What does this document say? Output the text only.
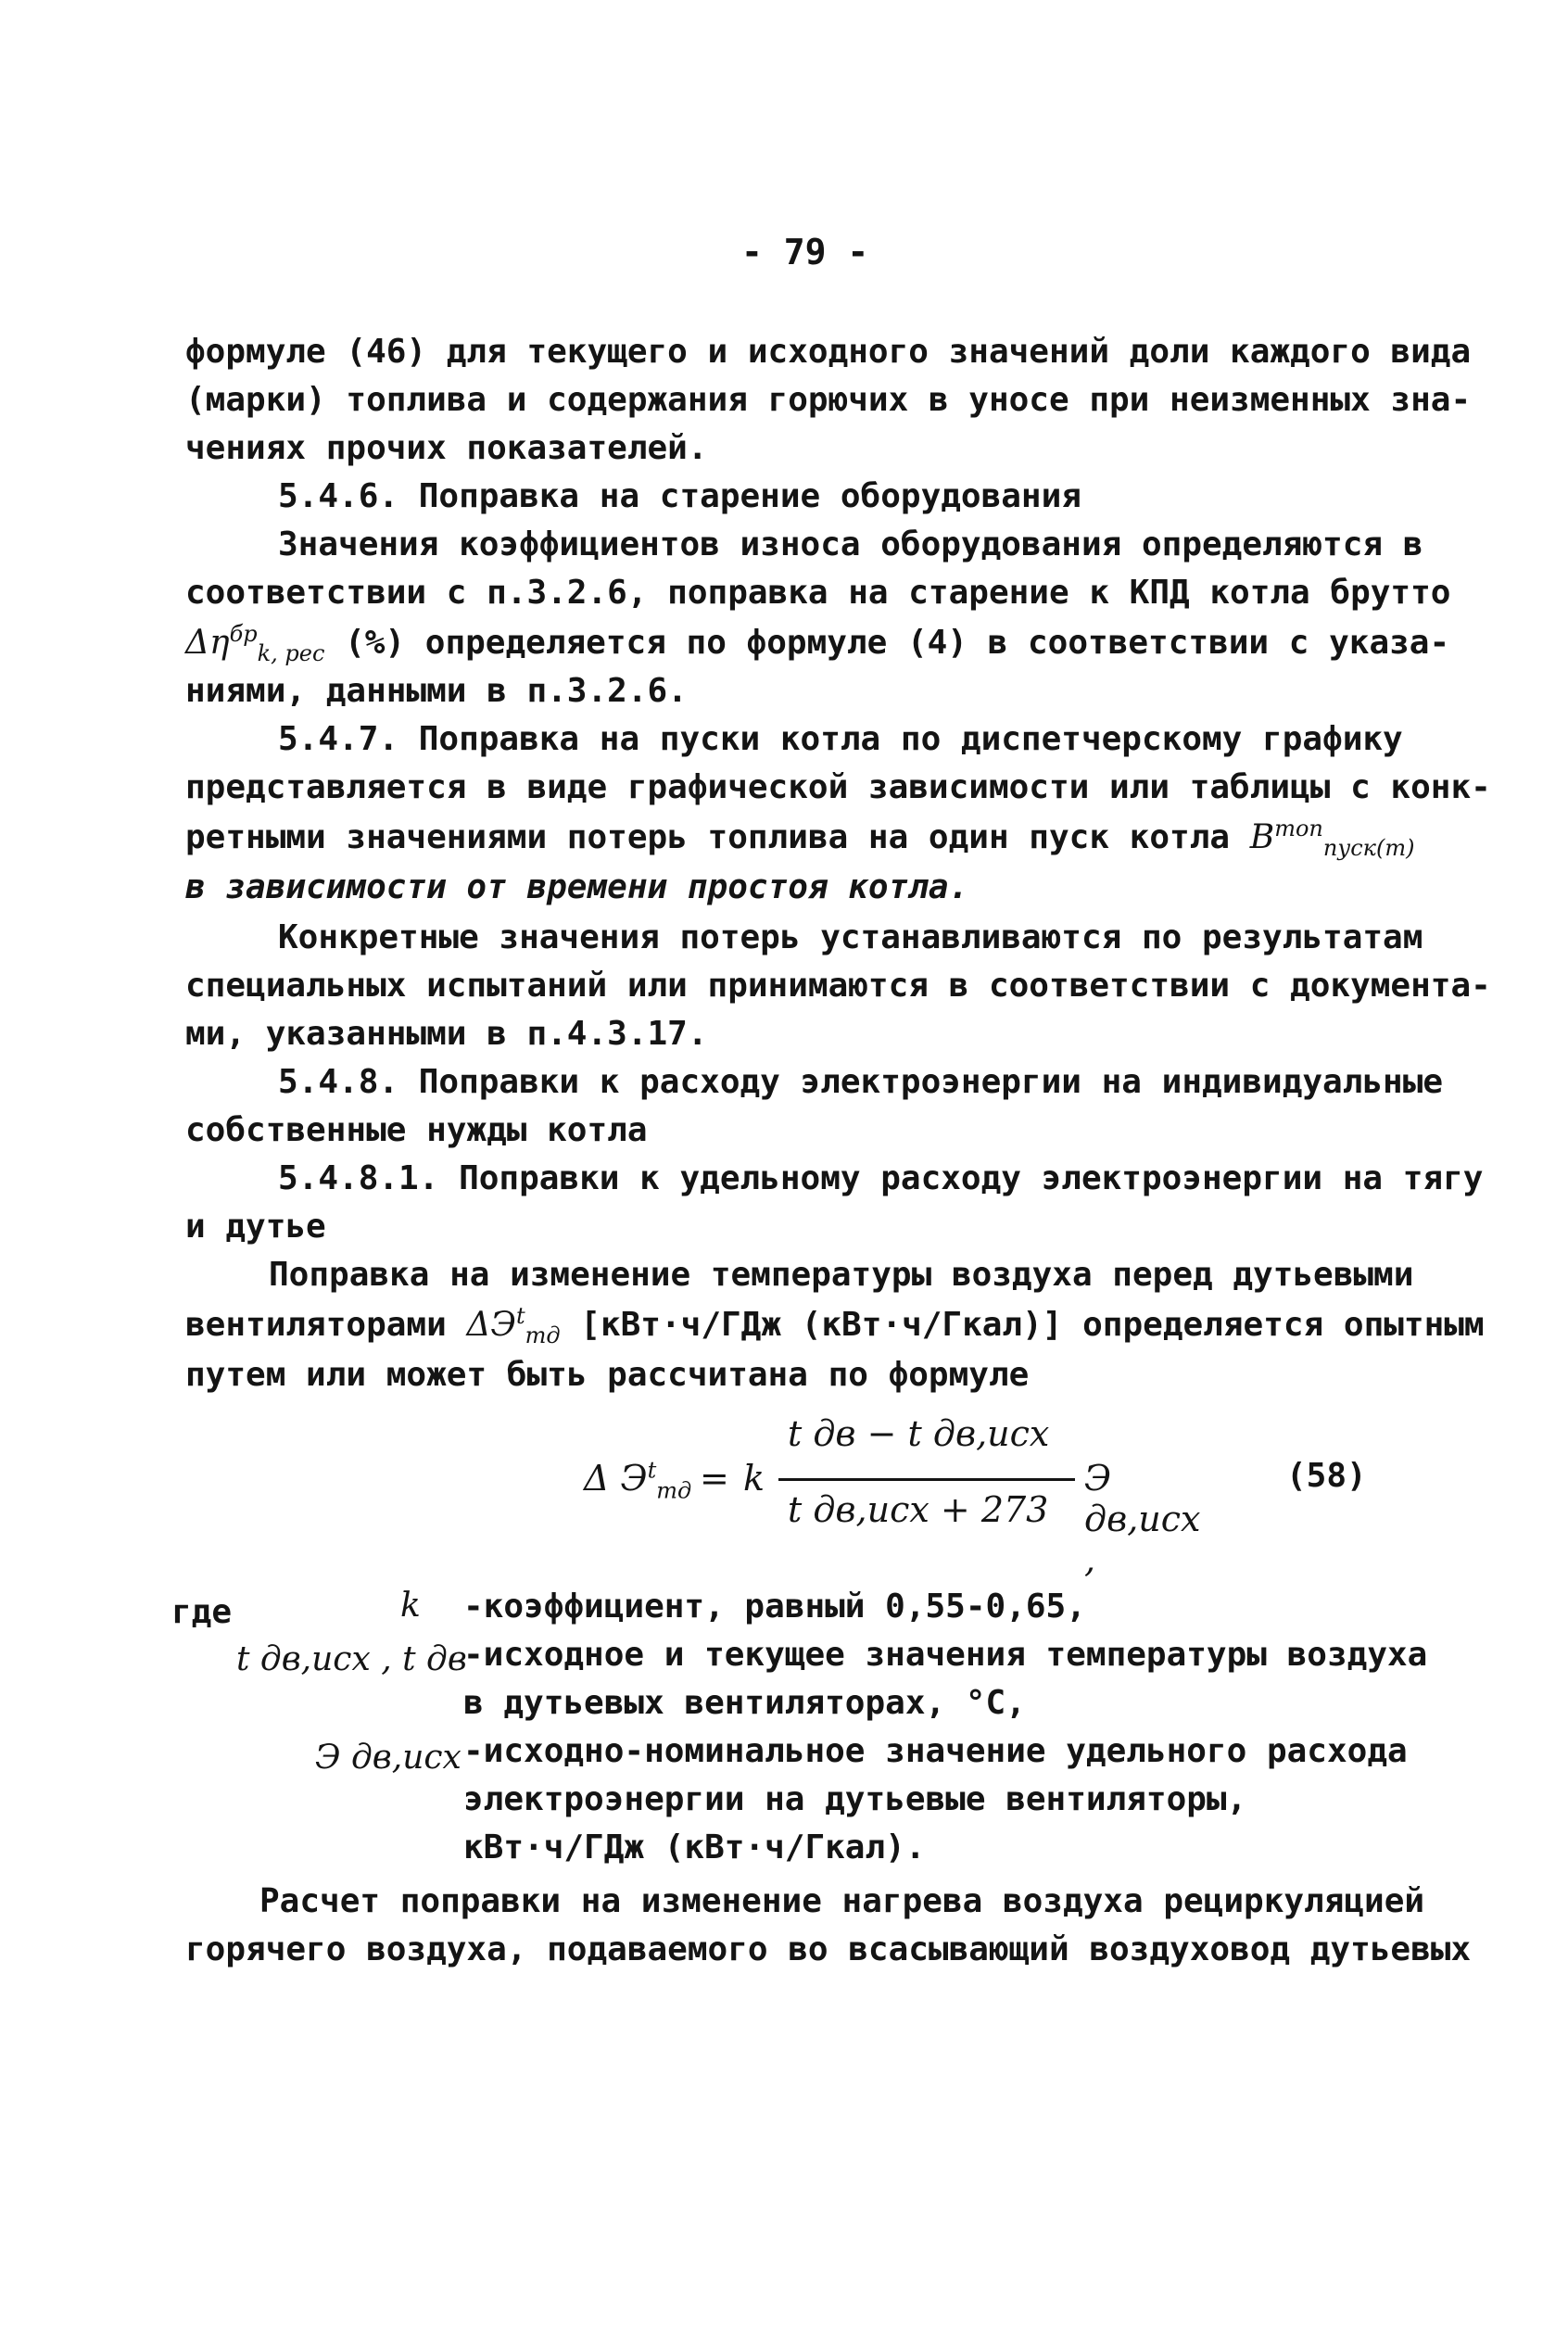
- 79 -
формуле (46) для текущего и исходного значений доли каждого вида
(марки) топлива и содержания горючих в уносе при неизменных зна-
чениях прочих показателей.
5.4.6. Поправка на старение оборудования
Значения коэффициентов износа оборудования определяются в
соответствии с п.3.2.6, поправка на старение к КПД котла брутто
$\Delta\eta^{бр}_{k, рес}$ (%) определяется по формуле (4) в соответствии с указа-
ниями, данными в п.3.2.6.
5.4.7. Поправка на пуски котла по диспетчерскому графику
представляется в виде графической зависимости или таблицы с конк-
ретными значениями потерь топлива на один пуск котла $B^{топ}_{пуск(m)}$
в зависимости от времени простоя котла.
Конкретные значения потерь устанавливаются по результатам
специальных испытаний или принимаются в соответствии с документа-
ми, указанными в п.4.3.17.
5.4.8. Поправки к расходу электроэнергии на индивидуальные
собственные нужды котла
5.4.8.1. Поправки к удельному расходу электроэнергии на тягу
и дутье
Поправка на изменение температуры воздуха перед дутьевыми
вентиляторами $\Delta Э^t_{тд}$ [кВт·ч/ГДж (кВт·ч/Гкал)] определяется опытным
путем или может быть рассчитана по формуле
Δ $Э^t_{тд} = k$
t дв − t дв,исх
t дв,исх + 273
Э дв,исх ,
(58)
где	k -коэффициент, равный 0,55-0,65,
t дв,исх , t дв
-исходное и текущее значения температуры воздуха
в дутьевых вентиляторах, °С,
Э дв,исх -исходно-номинальное значение удельного расхода
электроэнергии на дутьевые вентиляторы,
кВт·ч/ГДж (кВт·ч/Гкал).
Расчет поправки на изменение нагрева воздуха рециркуляцией
горячего воздуха, подаваемого во всасывающий воздуховод дутьевых
